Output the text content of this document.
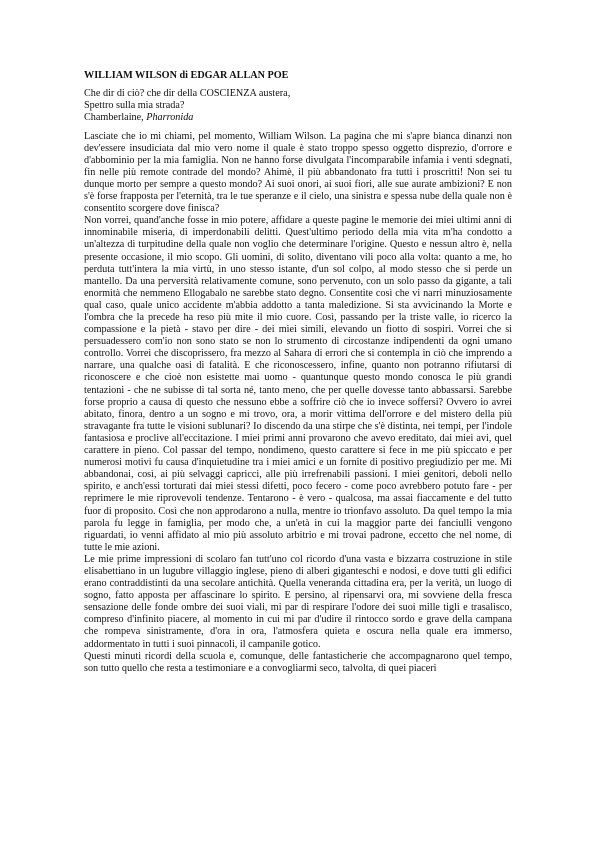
WILLIAM WILSON di EDGAR ALLAN POE
Che dir di ciò? che dir della COSCIENZA austera,
Spettro sulla mia strada?
Chamberlaine, Pharronida

Lasciate che io mi chiami, pel momento, William Wilson. La pagina che mi s'apre bianca dinanzi non dev'essere insudiciata dal mio vero nome il quale è stato troppo spesso oggetto disprezio, d'orrore e d'abbominio per la mia famiglia. Non ne hanno forse divulgata l'incomparabile infamia i venti sdegnati, fin nelle più remote contrade del mondo? Ahimè, il più abbandonato fra tutti i proscritti! Non sei tu dunque morto per sempre a questo mondo? Ai suoi onori, ai suoi fiori, alle sue aurate ambizioni? E non s'è forse frapposta per l'eternità, tra le tue speranze e il cielo, una sinistra e spessa nube della quale non è consentito scorgere dove finisca?

Non vorrei, quand'anche fosse in mio potere, affidare a queste pagine le memorie dei miei ultimi anni di innominabile miseria, di imperdonabili delitti. Quest'ultimo periodo della mia vita m'ha condotto a un'altezza di turpitudine della quale non voglio che determinare l'origine. Questo e nessun altro è, nella presente occasione, il mio scopo. Gli uomini, di solito, diventano vili poco alla volta: quanto a me, ho perduta tutt'intera la mia virtù, in uno stesso istante, d'un sol colpo, al modo stesso che si perde un mantello. Da una perversità relativamente comune, sono pervenuto, con un solo passo da gigante, a tali enormità che nemmeno Ellogabalo ne sarebbe stato degno. Consentite così che vi narri minuziosamente qual caso, quale unico accidente m'abbia addotto a tanta maledizione. Si sta avvicinando la Morte e l'ombra che la precede ha reso più mite il mio cuore. Così, passando per la triste valle, io ricerco la compassione e la pietà - stavo per dire - dei miei simili, elevando un fiotto di sospiri. Vorrei che si persuadessero com'io non sono stato se non lo strumento di circostanze indipendenti da ogni umano controllo. Vorrei che discoprissero, fra mezzo al Sahara di errori che si contempla in ciò che imprendo a narrare, una qualche oasi di fatalità. E che riconoscessero, infine, quanto non potranno rifiutarsi di riconoscere e che cioè non esistette mai uomo - quantunque questo mondo conosca le più grandi tentazioni - che ne subisse di tal sorta né, tanto meno, che per quelle dovesse tanto abbassarsi. Sarebbe forse proprio a causa di questo che nessuno ebbe a soffrire ciò che io invece soffersi? Ovvero io avrei abitato, finora, dentro a un sogno e mi trovo, ora, a morir vittima dell'orrore e del mistero della più stravagante fra tutte le visioni sublunari? Io discendo da una stirpe che s'è distinta, nei tempi, per l'indole fantasiosa e proclive all'eccitazione. I miei primi anni provarono che avevo ereditato, dai miei avi, quel carattere in pieno. Col passar del tempo, nondimeno, questo carattere si fece in me più spiccato e per numerosi motivi fu causa d'inquietudine tra i miei amici e un fornite di positivo pregiudizio per me. Mi abbandonai, così, ai più selvaggi capricci, alle più irrefrenabili passioni. I miei genitori, deboli nello spirito, e anch'essi torturati dai miei stessi difetti, poco fecero - come poco avrebbero potuto fare - per reprimere le mie riprovevoli tendenze. Tentarono - è vero - qualcosa, ma assai fiaccamente e del tutto fuor di proposito. Così che non approdarono a nulla, mentre io trionfavo assoluto. Da quel tempo la mia parola fu legge in famiglia, per modo che, a un'età in cui la maggior parte dei fanciulli vengono riguardati, io venni affidato al mio più assoluto arbitrio e mi trovai padrone, eccetto che nel nome, di tutte le mie azioni.

Le mie prime impressioni di scolaro fan tutt'uno col ricordo d'una vasta e bizzarra costruzione in stile elisabettiano in un lugubre villaggio inglese, pieno di alberi giganteschi e nodosi, e dove tutti gli edifici erano contraddistinti da una secolare antichità. Quella veneranda cittadina era, per la verità, un luogo di sogno, fatto apposta per affascinare lo spirito. E persino, al ripensarvi ora, mi sovviene della fresca sensazione delle fonde ombre dei suoi viali, mi par di respirare l'odore dei suoi mille tigli e trasalisco, compreso d'infinito piacere, al momento in cui mi par d'udire il rintocco sordo e grave della campana che rompeva sinistramente, d'ora in ora, l'atmosfera quieta e oscura nella quale era immerso, addormentato in tutti i suoi pinnacoli, il campanile gotico.

Questi minuti ricordi della scuola e, comunque, delle fantasticherie che accompagnarono quel tempo, son tutto quello che resta a testimoniare e a convogliarmi seco, talvolta, di quei piaceri
